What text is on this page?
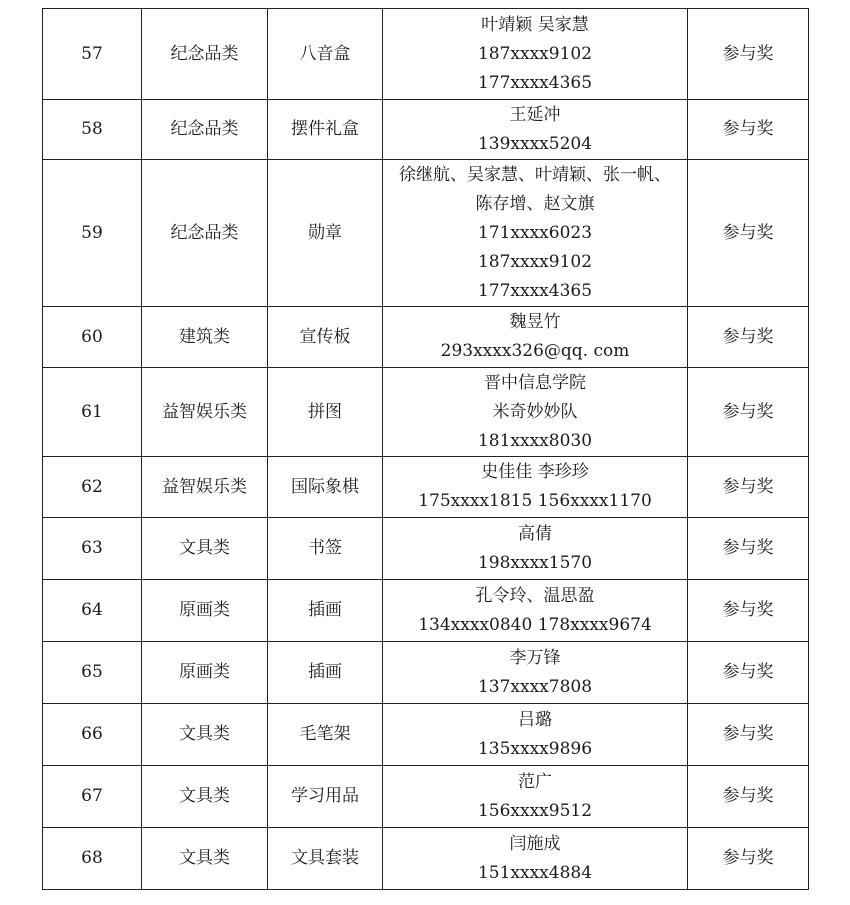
57	纪念品类	八音盒	叶靖颖 吴家慧
187xxxx9102
177xxxx4365	参与奖
58	纪念品类	摆件礼盒	王延冲
139xxxx5204	参与奖
59	纪念品类	勋章	徐继航、吴家慧、叶靖颖、张一帆、
陈存增、赵文旗
171xxxx6023
187xxxx9102
177xxxx4365	参与奖
60	建筑类	宣传板	魏昱竹
293xxxx326@qq. com	参与奖
61	益智娱乐类	拼图	晋中信息学院
米奇妙妙队
181xxxx8030	参与奖
62	益智娱乐类	国际象棋	史佳佳 李珍珍
175xxxx1815 156xxxx1170	参与奖
63	文具类	书签	高倩
198xxxx1570	参与奖
64	原画类	插画	孔令玲、温思盈
134xxxx0840 178xxxx9674	参与奖
65	原画类	插画	李万锋
137xxxx7808	参与奖
66	文具类	毛笔架	吕璐
135xxxx9896	参与奖
67	文具类	学习用品	范广
156xxxx9512	参与奖
68	文具类	文具套装	闫施成
151xxxx4884	参与奖
